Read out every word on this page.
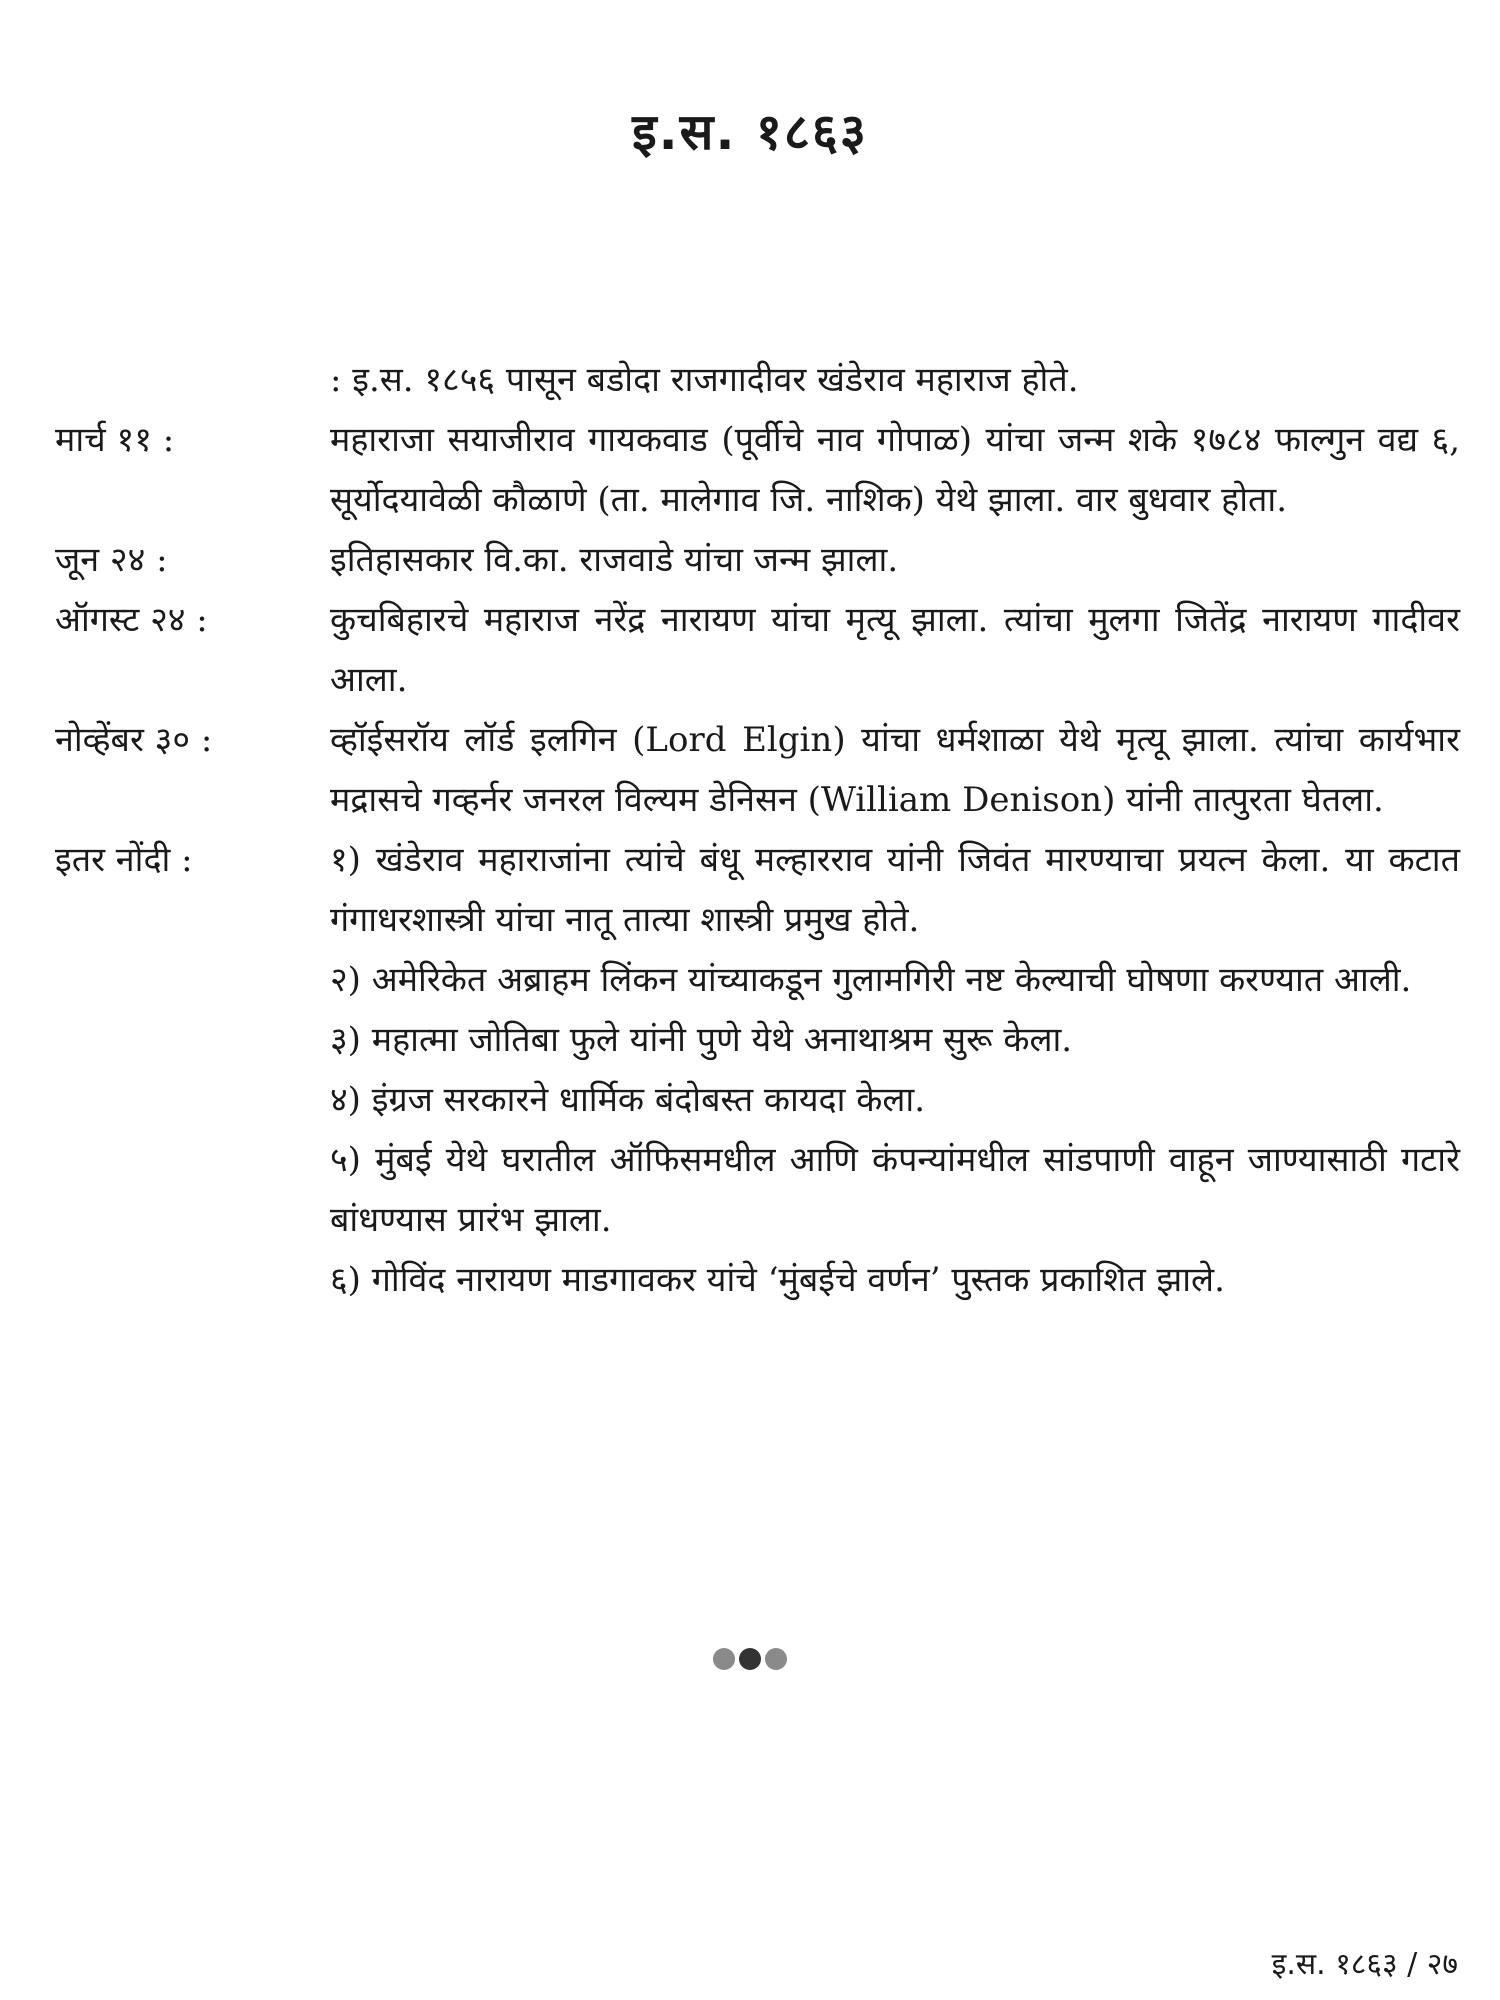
इ.स. १८६३

: इ.स. १८५६ पासून बडोदा राजगादीवर खंडेराव महाराज होते.

मार्च ११ :	महाराजा सयाजीराव गायकवाड (पूर्वीचे नाव गोपाळ) यांचा जन्म शके १७८४ फाल्गुन वद्य ६, सूर्योदयावेळी कौळाणे (ता. मालेगाव जि. नाशिक) येथे झाला. वार बुधवार होता.

जून २४ :	इतिहासकार वि.का. राजवाडे यांचा जन्म झाला.

ऑगस्ट २४ :	कुचबिहारचे महाराज नरेंद्र नारायण यांचा मृत्यू झाला. त्यांचा मुलगा जितेंद्र नारायण गादीवर आला.

नोव्हेंबर ३० :	व्हॉईसरॉय लॉर्ड इलगिन (Lord Elgin) यांचा धर्मशाळा येथे मृत्यू झाला. त्यांचा कार्यभार मद्रासचे गव्हर्नर जनरल विल्यम डेनिसन (William Denison) यांनी तात्पुरता घेतला.

इतर नोंदी :	१) खंडेराव महाराजांना त्यांचे बंधू मल्हारराव यांनी जिवंत मारण्याचा प्रयत्न केला. या कटात गंगाधरशास्त्री यांचा नातू तात्या शास्त्री प्रमुख होते.

२) अमेरिकेत अब्राहम लिंकन यांच्याकडून गुलामगिरी नष्ट केल्याची घोषणा करण्यात आली.

३) महात्मा जोतिबा फुले यांनी पुणे येथे अनाथाश्रम सुरू केला.

४) इंग्रज सरकारने धार्मिक बंदोबस्त कायदा केला.

५) मुंबई येथे घरातील ऑफिसमधील आणि कंपन्यांमधील सांडपाणी वाहून जाण्यासाठी गटारे बांधण्यास प्रारंभ झाला.

६) गोविंद नारायण माडगावकर यांचे ‘मुंबईचे वर्णन’ पुस्तक प्रकाशित झाले.

इ.स. १८६३ / २७
